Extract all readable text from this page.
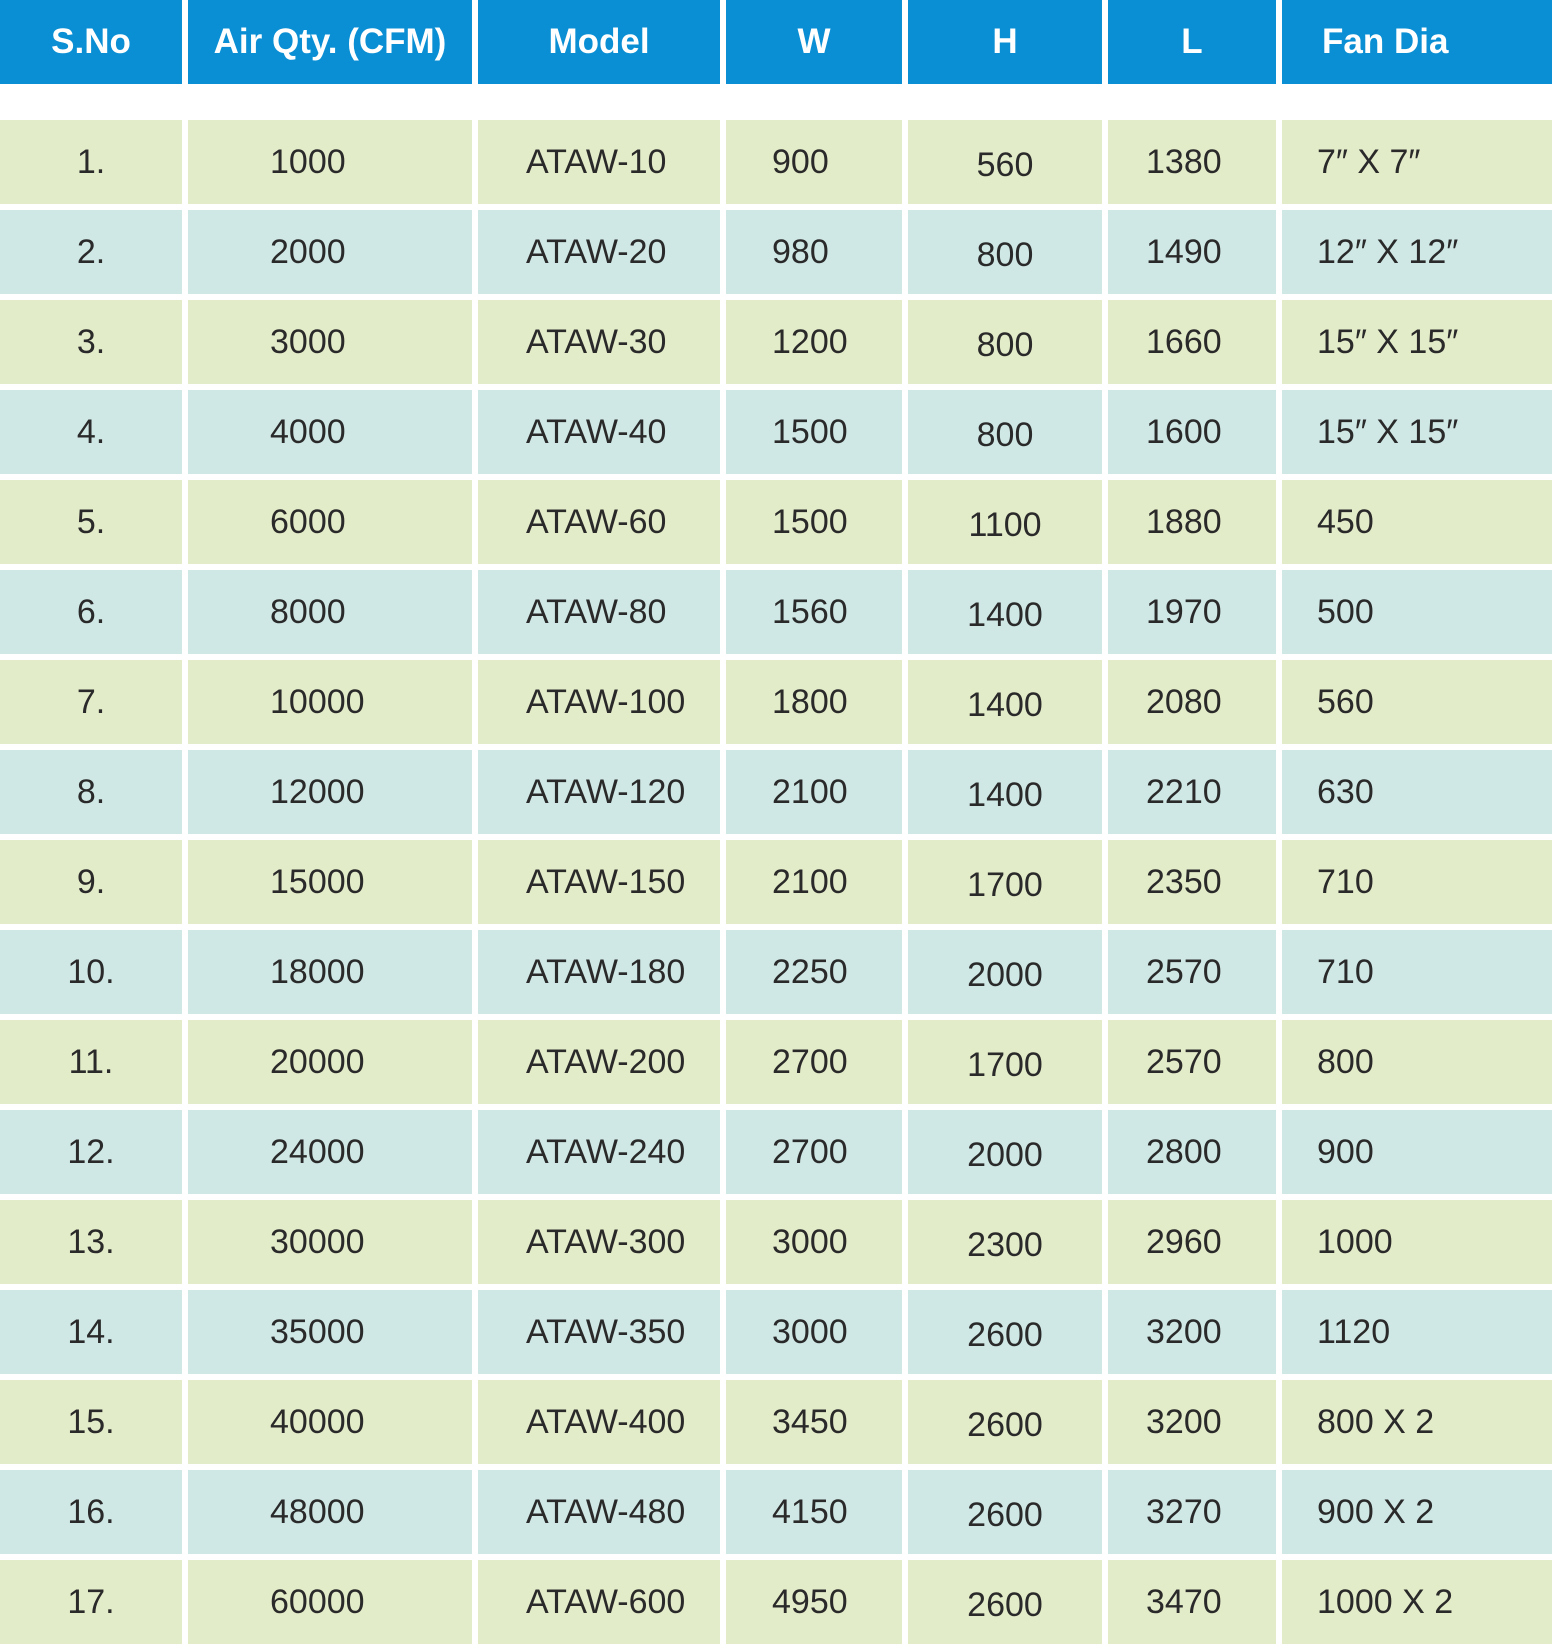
S.No	Air Qty. (CFM)	Model	W	H	L	Fan Dia
1.	1000	ATAW-10	900	560	1380	7″ X 7″
2.	2000	ATAW-20	980	800	1490	12″ X 12″
3.	3000	ATAW-30	1200	800	1660	15″ X 15″
4.	4000	ATAW-40	1500	800	1600	15″ X 15″
5.	6000	ATAW-60	1500	1100	1880	450
6.	8000	ATAW-80	1560	1400	1970	500
7.	10000	ATAW-100	1800	1400	2080	560
8.	12000	ATAW-120	2100	1400	2210	630
9.	15000	ATAW-150	2100	1700	2350	710
10.	18000	ATAW-180	2250	2000	2570	710
11.	20000	ATAW-200	2700	1700	2570	800
12.	24000	ATAW-240	2700	2000	2800	900
13.	30000	ATAW-300	3000	2300	2960	1000
14.	35000	ATAW-350	3000	2600	3200	1120
15.	40000	ATAW-400	3450	2600	3200	800 X 2
16.	48000	ATAW-480	4150	2600	3270	900 X 2
17.	60000	ATAW-600	4950	2600	3470	1000 X 2
